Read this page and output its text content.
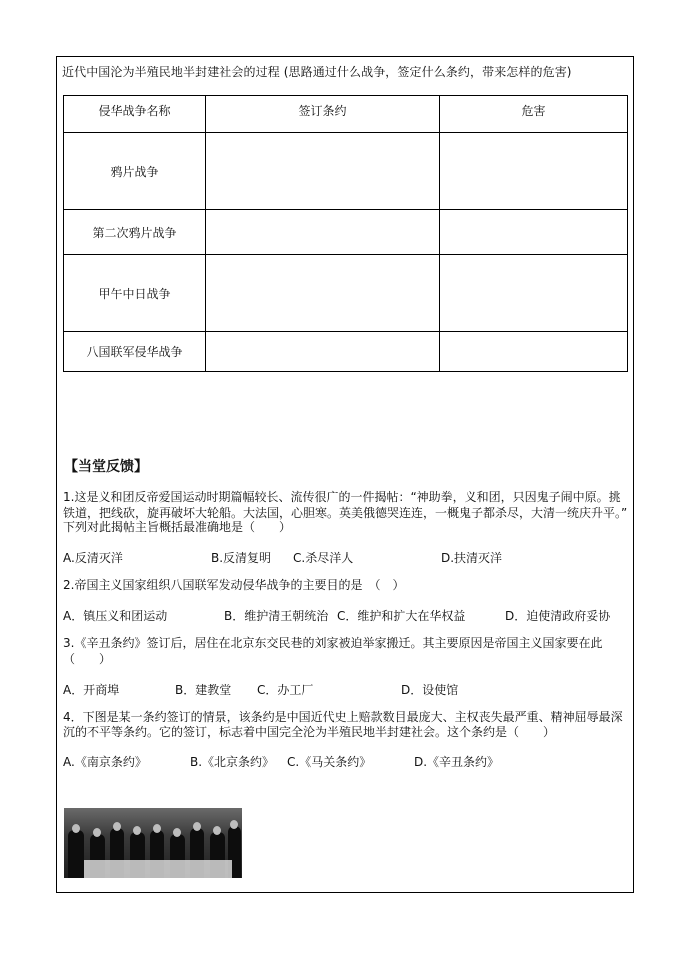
近代中国沦为半殖民地半封建社会的过程 (思路通过什么战争，签定什么条约，带来怎样的危害)
侵华战争名称	签订条约	危害
鸦片战争		
第二次鸦片战争		
甲午中日战争		
八国联军侵华战争		
【当堂反馈】
1.这是义和团反帝爱国运动时期篇幅较长、流传很广的一件揭帖：“神助拳，义和团，只因鬼子闹中原。挑
铁道，把线砍，旋再破坏大轮船。大法国，心胆寒。英美俄德哭连连，一概鬼子都杀尽，大清一统庆升平。”
下列对此揭帖主旨概括最准确地是（　　）
A.反清灭洋	B.反清复明 C.杀尽洋人	D.扶清灭洋
2.帝国主义国家组织八国联军发动侵华战争的主要目的是　（　）
A．镇压义和团运动	B．维护清王朝统治 C．维护和扩大在华权益	D．迫使清政府妥协
3.《辛丑条约》签订后，居住在北京东交民巷的刘家被迫举家搬迁。其主要原因是帝国主义国家要在此
（　　）
A．开商埠	B．建教堂 C．办工厂	D．设使馆
4．下图是某一条约签订的情景，该条约是中国近代史上赔款数目最庞大、主权丧失最严重、精神屈辱最深
沉的不平等条约。它的签订，标志着中国完全沦为半殖民地半封建社会。这个条约是（　　）
A.《南京条约》	B.《北京条约》 C.《马关条约》	D.《辛丑条约》
